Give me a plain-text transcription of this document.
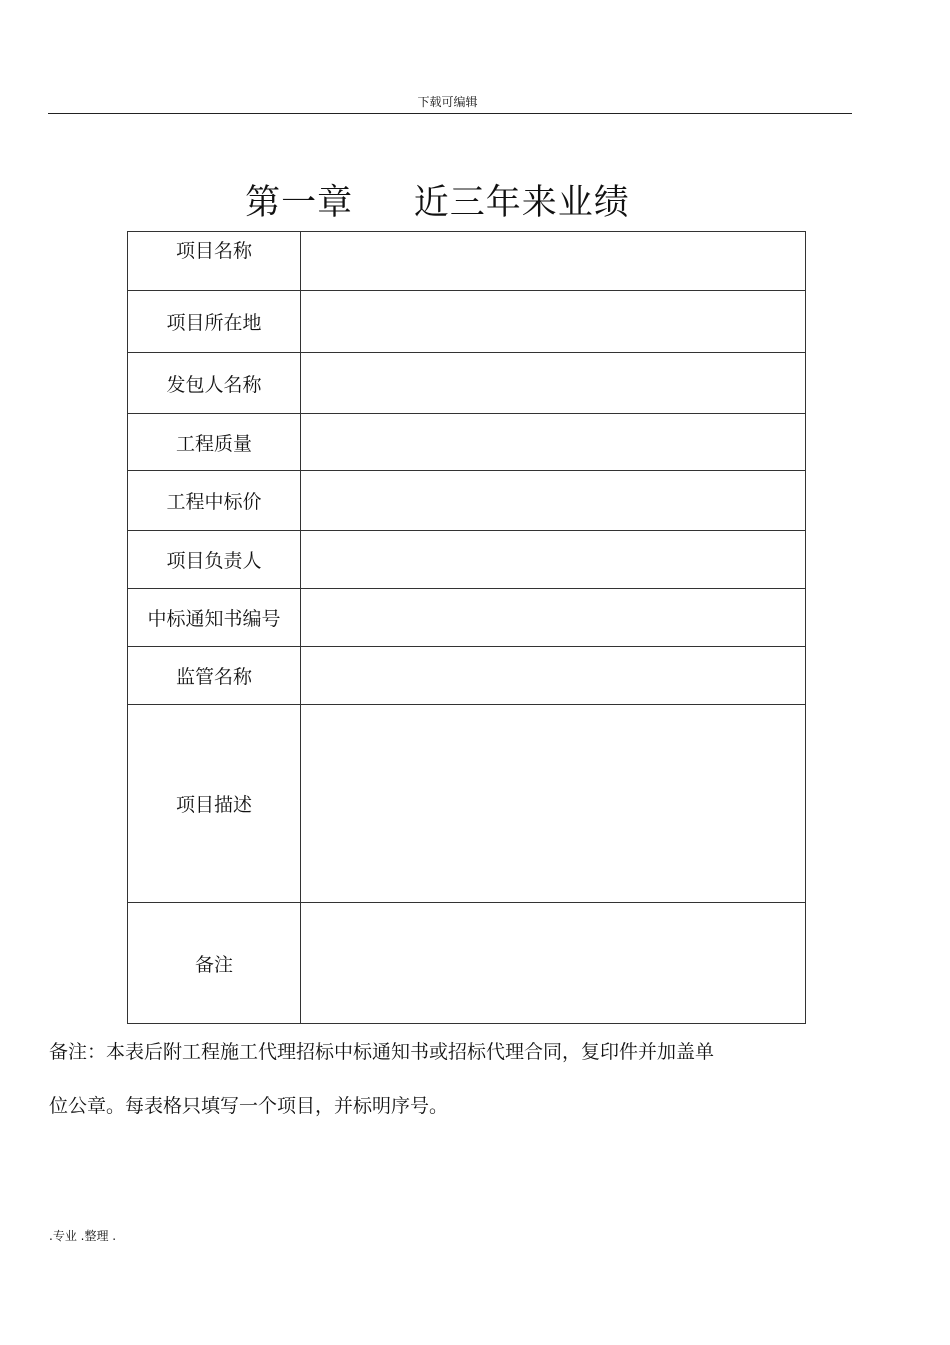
下载可编辑
第一章     近三年来业绩
项目名称	
项目所在地	
发包人名称	
工程质量	
工程中标价	
项目负责人	
中标通知书编号	
监管名称	
项目描述	
备注	
备注：本表后附工程施工代理招标中标通知书或招标代理合同，复印件并加盖单
位公章。每表格只填写一个项目，并标明序号。
.专业 .整理 .
